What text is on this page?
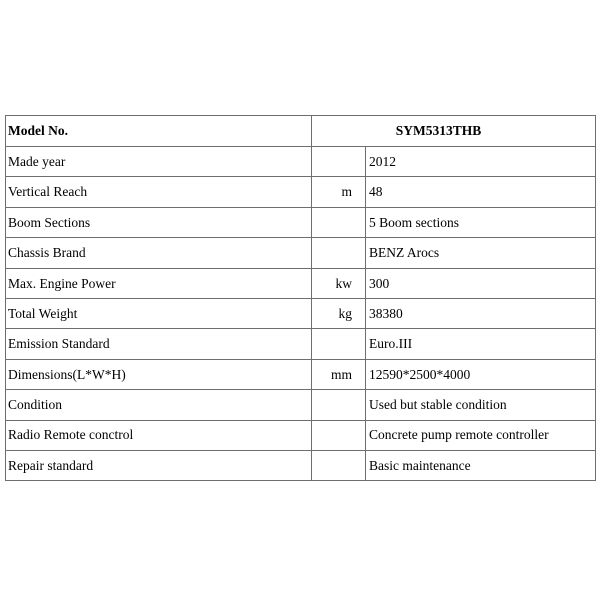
Model No.	SYM5313THB	
Made year		2012
Vertical Reach	m	48
Boom Sections		5 Boom sections
Chassis Brand		BENZ Arocs
Max. Engine Power	kw	300
Total Weight	kg	38380
Emission Standard		Euro.III
Dimensions(L*W*H)	mm	12590*2500*4000
Condition		Used but stable condition
Radio Remote conctrol		Concrete pump remote controller
Repair standard		Basic maintenance
